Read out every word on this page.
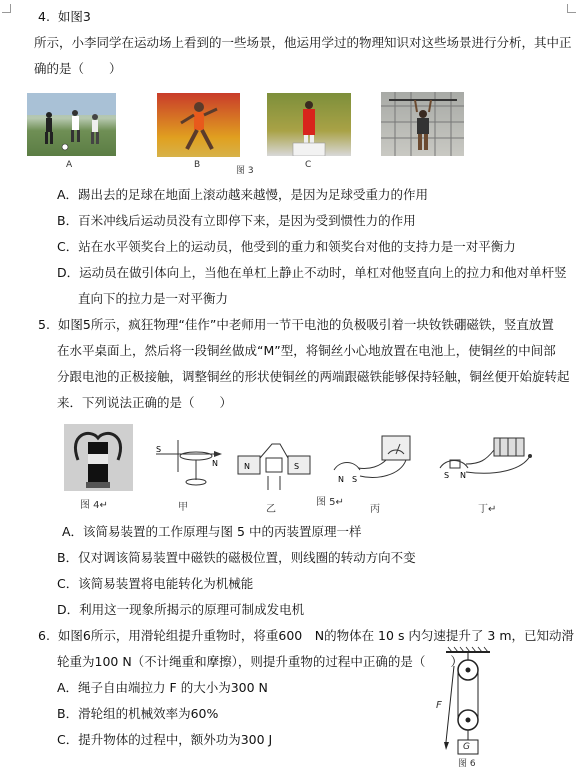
4. 如图3
所示，小李同学在运动场上看到的一些场景，他运用学过的物理知识对这些场景进行分析，其中正
确的是（　　）
A	B
图 3
C
A．踢出去的足球在地面上滚动越来越慢，是因为足球受重力的作用
B．百米冲线后运动员没有立即停下来，是因为受到惯性力的作用
C．站在水平领奖台上的运动员，他受到的重力和领奖台对他的支持力是一对平衡力
D．运动员在做引体向上，当他在单杠上静止不动时，单杠对他竖直向上的拉力和他对单杆竖
直向下的拉力是一对平衡力
5. 如图5所示，疯狂物理“佳作”中老师用一节干电池的负极吸引着一块钕铁硼磁铁，竖直放置
在水平桌面上，然后将一段铜丝做成“M”型，将铜丝小心地放置在电池上，使铜丝的中间部
分跟电池的正极接触，调整铜丝的形状使铜丝的两端跟磁铁能够保持轻触，铜丝便开始旋转起
来．下列说法正确的是（　　）
图 4↵
S
N
甲
N	S
乙
图 5↵
N S
丙
S N
丁↵
A．该简易装置的工作原理与图 5 中的丙装置原理一样
B．仅对调该简易装置中磁铁的磁极位置，则线圈的转动方向不变
C．该简易装置将电能转化为机械能
D．利用这一现象所揭示的原理可制成发电机
6. 如图6所示，用滑轮组提升重物时，将重600　N的物体在 10 s 内匀速提升了 3 m，已知动滑
轮重为100 N（不计绳重和摩擦），则提升重物的过程中正确的是（　　）
A．绳子自由端拉力 F 的大小为300 N
B．滑轮组的机械效率为60%
C．提升物体的过程中，额外功为300 J
F
G
图 6
